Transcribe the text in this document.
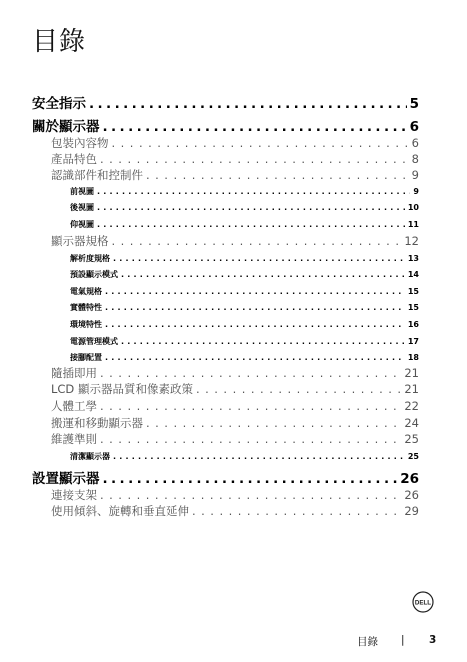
目錄
安全指示 .....	5
關於顯示器 .....	6
包裝內容物 .....	6
產品特色 .....	8
認識部件和控制件 .....	9
前視圖 .....	9
後視圖 .....	10
仰視圖 .....	11
顯示器規格 .....	12
解析度規格 .....	13
預設顯示模式 .....	14
電氣規格 .....	15
實體特性 .....	15
環境特性 .....	16
電源管理模式 .....	17
接腳配置 .....	18
隨插即用 .....	21
LCD 顯示器品質和像素政策 .....	21
人體工學 .....	22
搬運和移動顯示器 .....	24
維護準則 .....	25
清潔顯示器 .....	25
設置顯示器 .....	26
連接支架 .....	26
使用傾斜、旋轉和垂直延伸 .....	29
DELL
目錄 | 3
